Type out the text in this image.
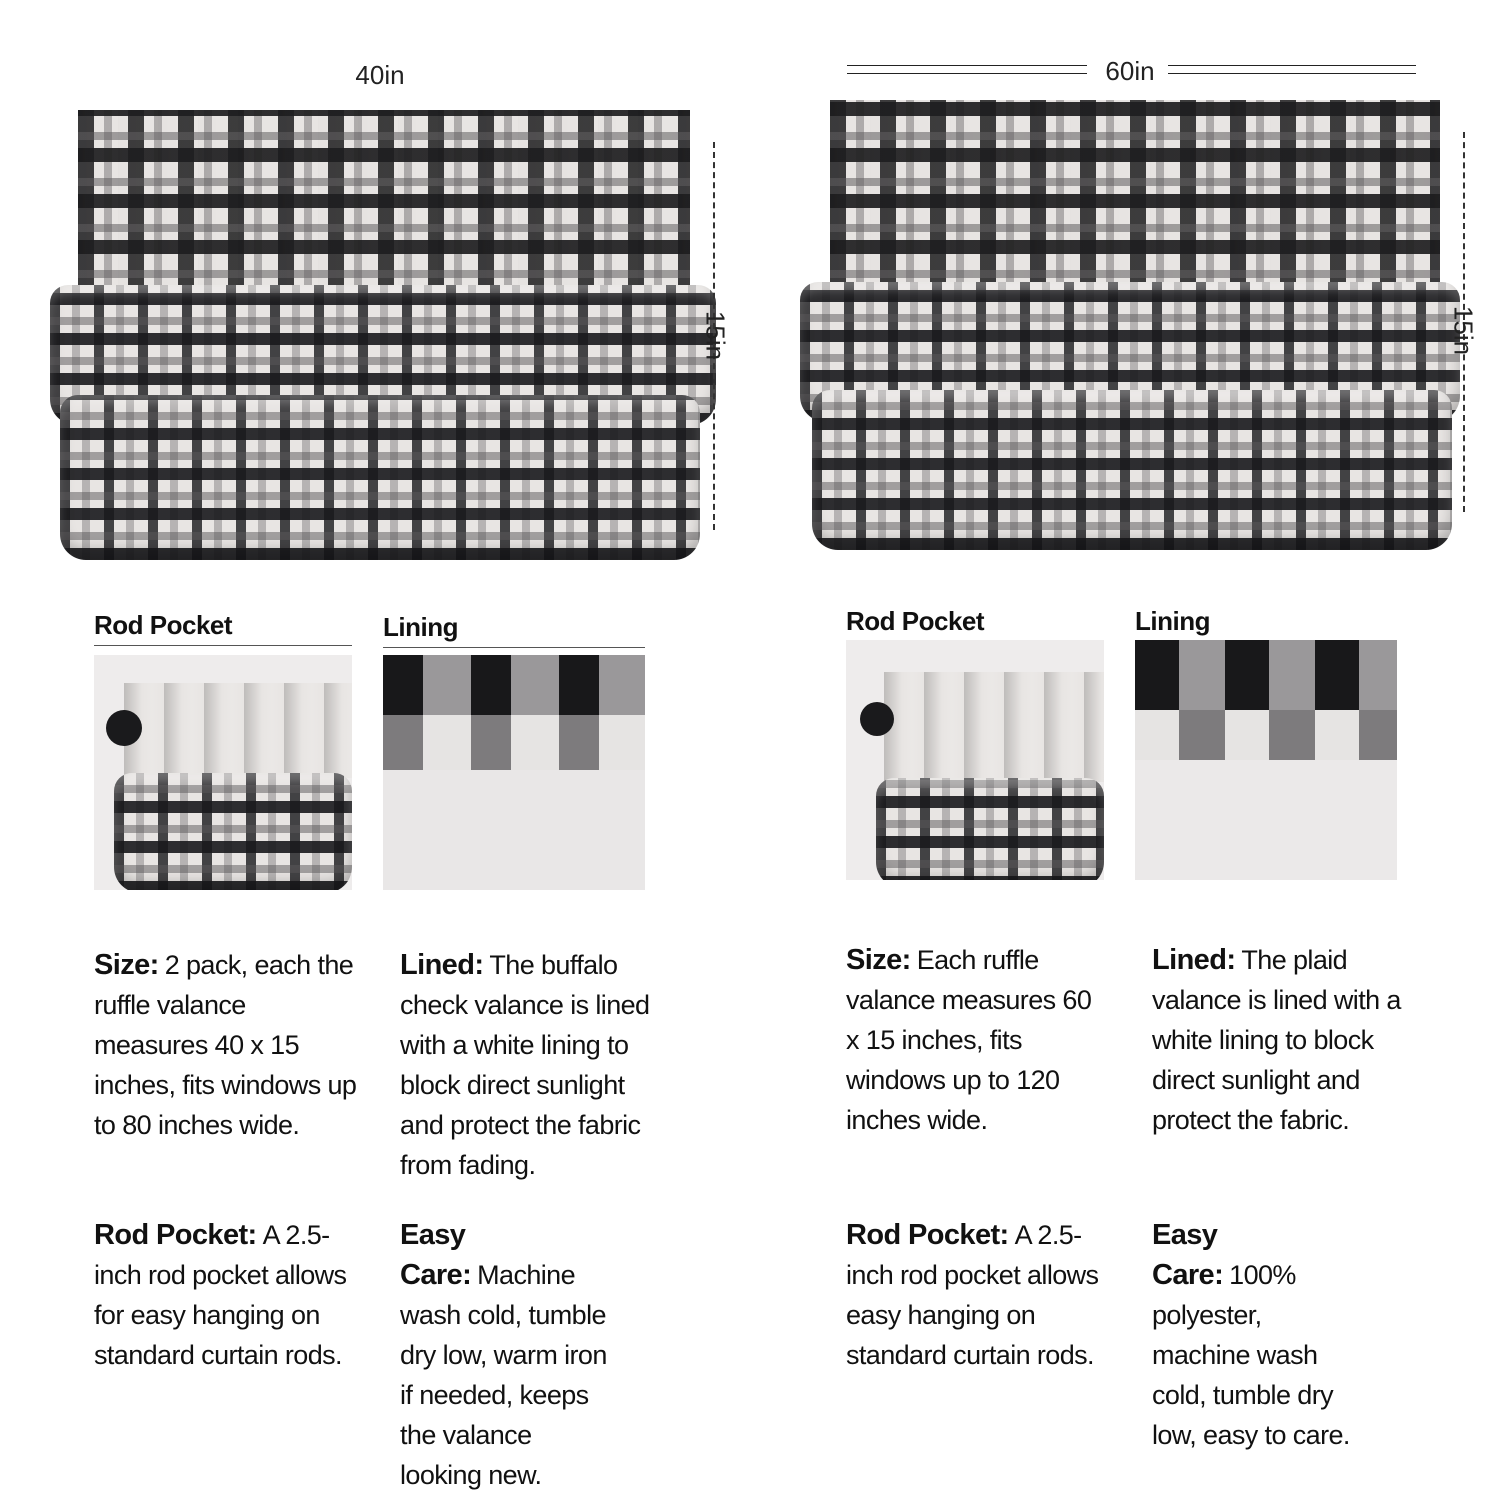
40in
15in
60in
15in
Rod Pocket	Lining	Rod Pocket	Lining
Size: 2 pack, each the ruffle valance measures 40 x 15 inches, fits windows up to 80 inches wide.
Lined: The buffalo check valance is lined with a white lining to block direct sunlight and protect the fabric from fading.
Rod Pocket: A 2.5-inch rod pocket allows for easy hanging on standard curtain rods.
Easy Care: Machine wash cold, tumble dry low, warm iron if needed, keeps the valance looking new.
Size: Each ruffle valance measures 60 x 15 inches, fits windows up to 120 inches wide.
Lined: The plaid valance is lined with a white lining to block direct sunlight and protect the fabric.
Rod Pocket: A 2.5-inch rod pocket allows easy hanging on standard curtain rods.
Easy Care: 100% polyester, machine wash cold, tumble dry low, easy to care.
